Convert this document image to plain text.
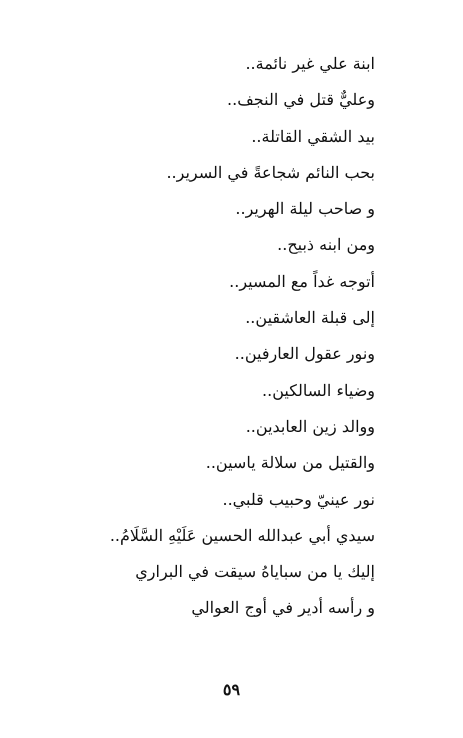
ابنة علي غير نائمة..
وعليٌّ قتل في النجف..
بيد الشقي القاتلة..
بحب النائم شجاعةً في السرير..
و صاحب ليلة الهرير..
ومن ابنه ذبيح..
أتوجه غداً مع المسير..
إلى قبلة العاشقين..
ونور عقول العارفين..
وضياء السالكين..
ووالد زين العابدين..
والقتيل من سلالة ياسين..
نور عينيّ وحبيب قلبي..
سيدي أبي عبدالله الحسين عَلَيْهِ السَّلَامُ..
إليك يا من سباياهُ سيقت في البراري
و رأسه أدير في أوج العوالي
٥٩
